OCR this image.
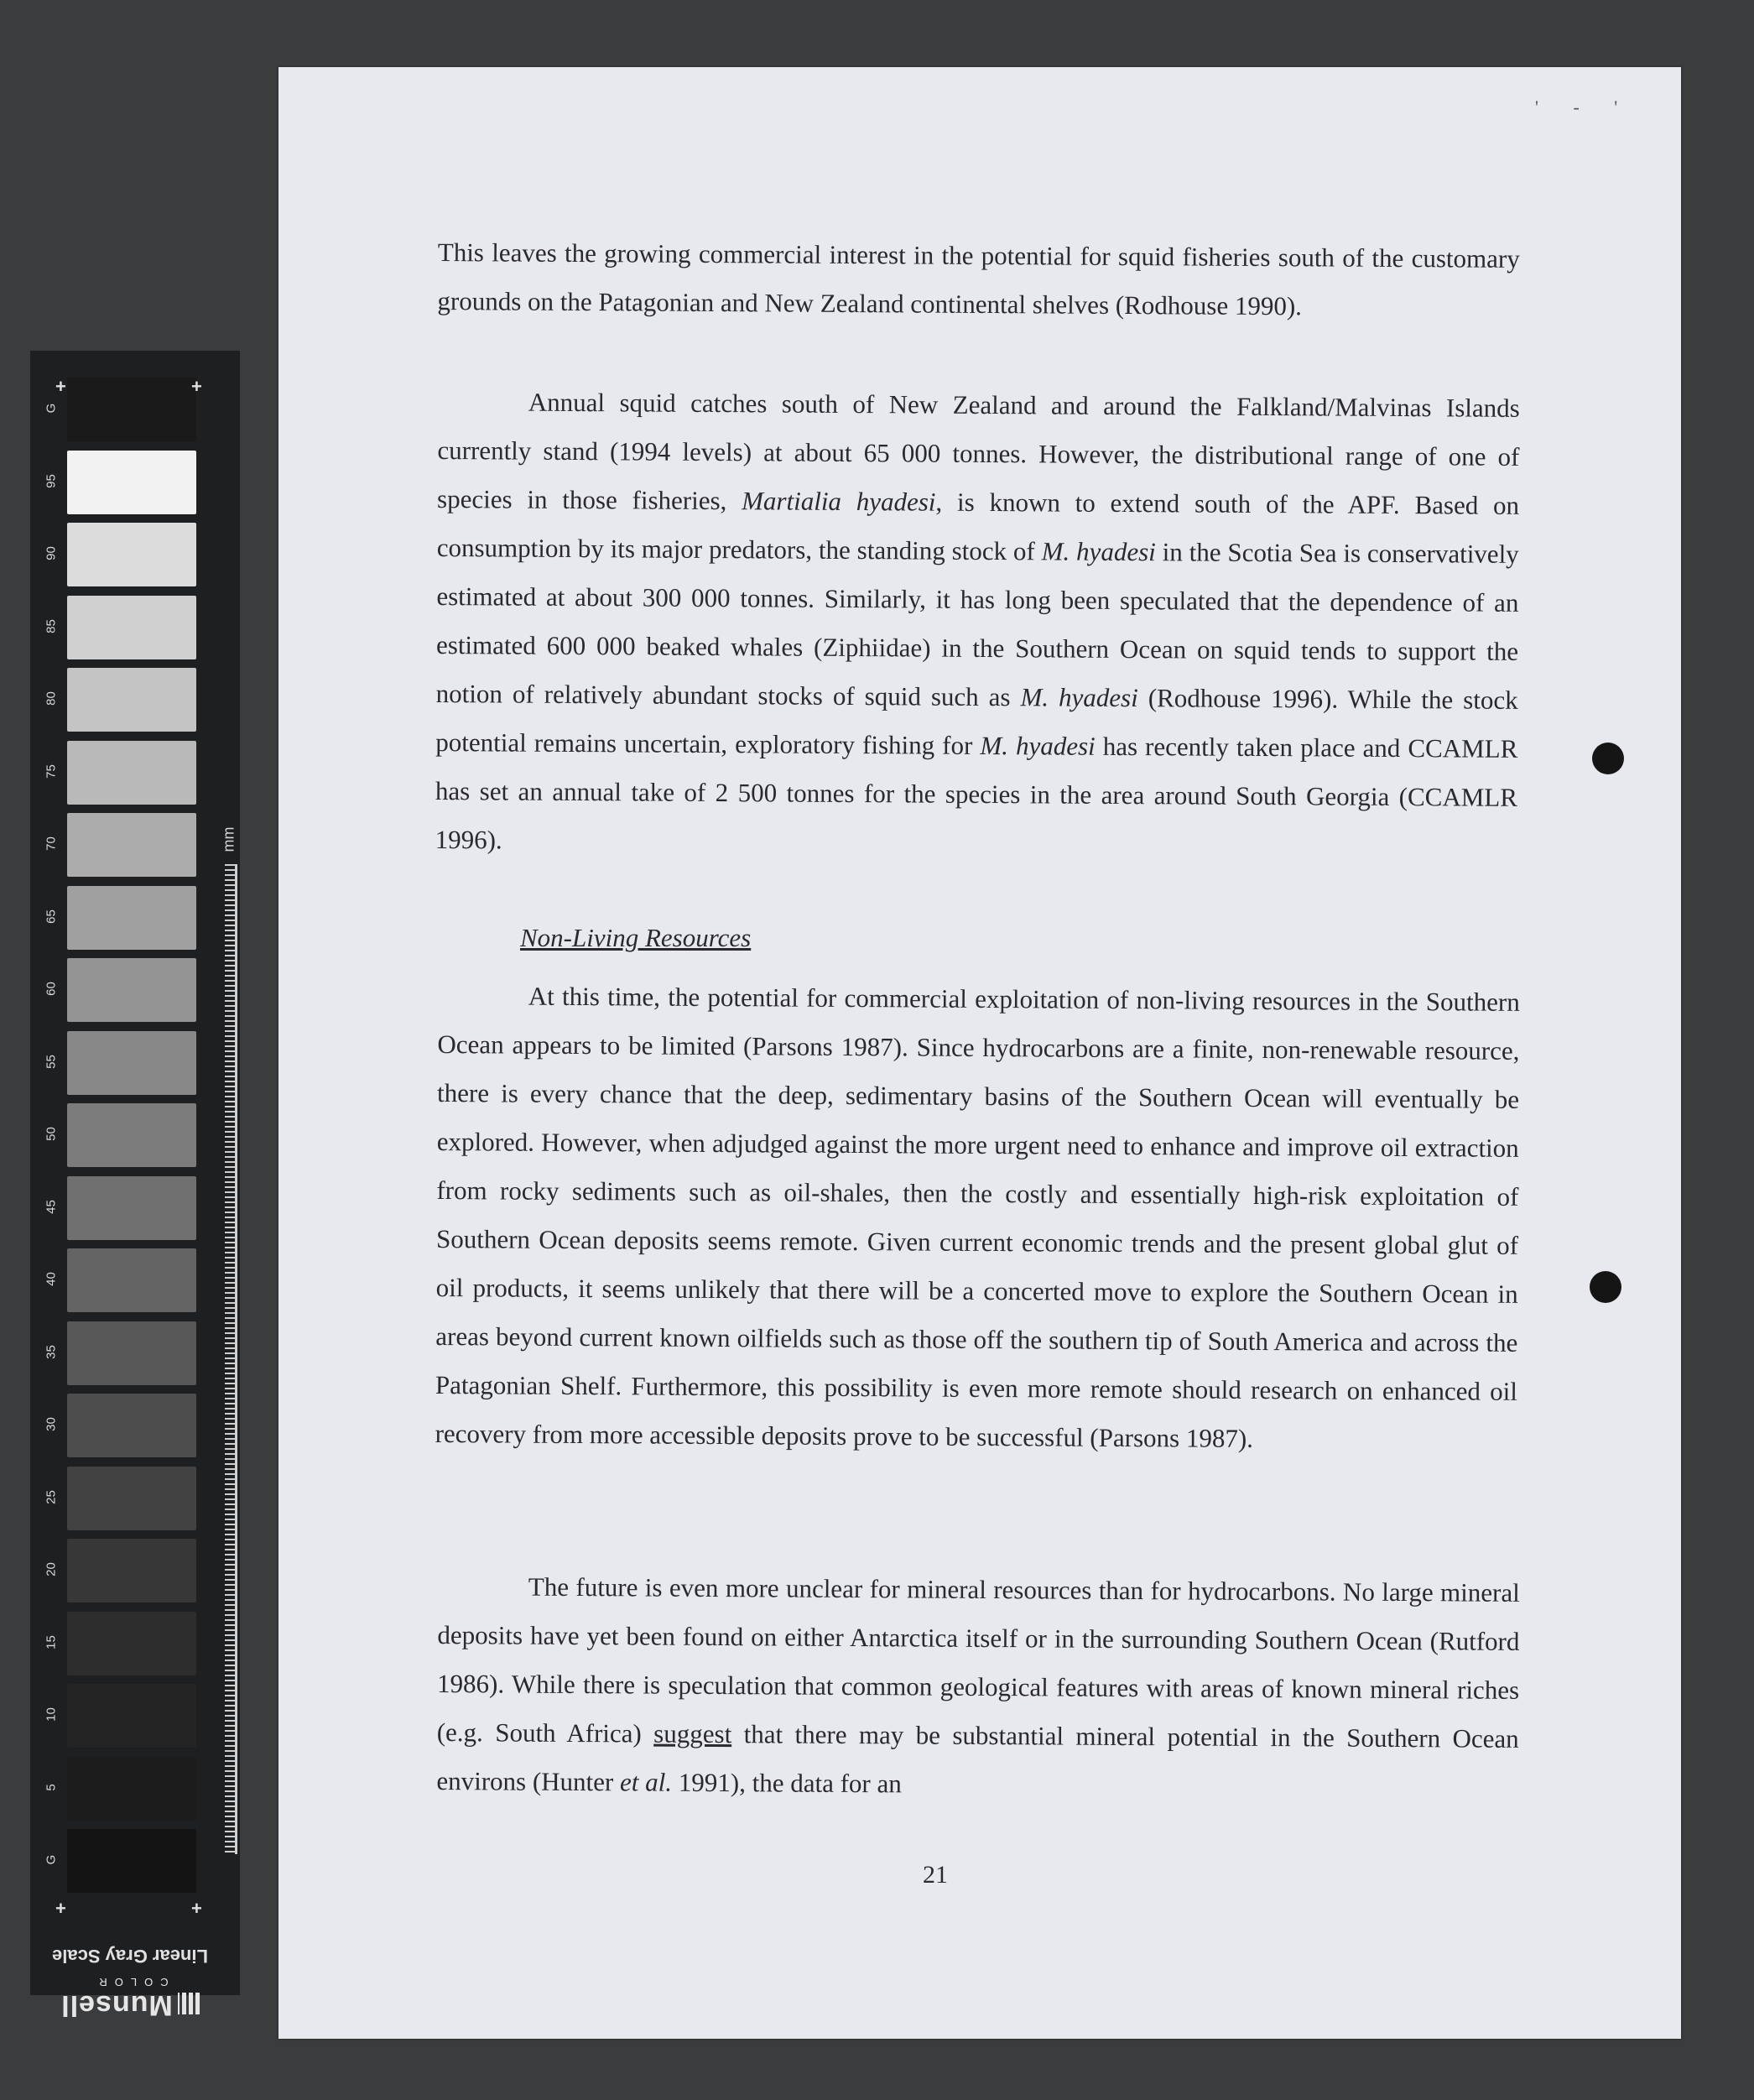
G
95
90
85
80
75
70
65
60
55
50
45
40
35
30
25
20
15
10
5
G
mm
+	+
+	+
Linear Gray Scale
Munsell
COLOR
' - '
This leaves the growing commercial interest in the potential for squid fisheries south of the customary grounds on the Patagonian and New Zealand continental shelves (Rodhouse 1990).
Annual squid catches south of New Zealand and around the Falkland/Malvinas Islands currently stand (1994 levels) at about 65 000 tonnes. However, the distributional range of one of species in those fisheries, Martialia hyadesi, is known to extend south of the APF. Based on consumption by its major predators, the standing stock of M. hyadesi in the Scotia Sea is conservatively estimated at about 300 000 tonnes. Similarly, it has long been speculated that the dependence of an estimated 600 000 beaked whales (Ziphiidae) in the Southern Ocean on squid tends to support the notion of relatively abundant stocks of squid such as M. hyadesi (Rodhouse 1996). While the stock potential remains uncertain, exploratory fishing for M. hyadesi has recently taken place and CCAMLR has set an annual take of 2 500 tonnes for the species in the area around South Georgia (CCAMLR 1996).
Non-Living Resources
At this time, the potential for commercial exploitation of non-living resources in the Southern Ocean appears to be limited (Parsons 1987). Since hydrocarbons are a finite, non-renewable resource, there is every chance that the deep, sedimentary basins of the Southern Ocean will eventually be explored. However, when adjudged against the more urgent need to enhance and improve oil extraction from rocky sediments such as oil-shales, then the costly and essentially high-risk exploitation of Southern Ocean deposits seems remote. Given current economic trends and the present global glut of oil products, it seems unlikely that there will be a concerted move to explore the Southern Ocean in areas beyond current known oilfields such as those off the southern tip of South America and across the Patagonian Shelf. Furthermore, this possibility is even more remote should research on enhanced oil recovery from more accessible deposits prove to be successful (Parsons 1987).
The future is even more unclear for mineral resources than for hydrocarbons. No large mineral deposits have yet been found on either Antarctica itself or in the surrounding Southern Ocean (Rutford 1986). While there is speculation that common geological features with areas of known mineral riches (e.g. South Africa) suggest that there may be substantial mineral potential in the Southern Ocean environs (Hunter et al. 1991), the data for an
21
